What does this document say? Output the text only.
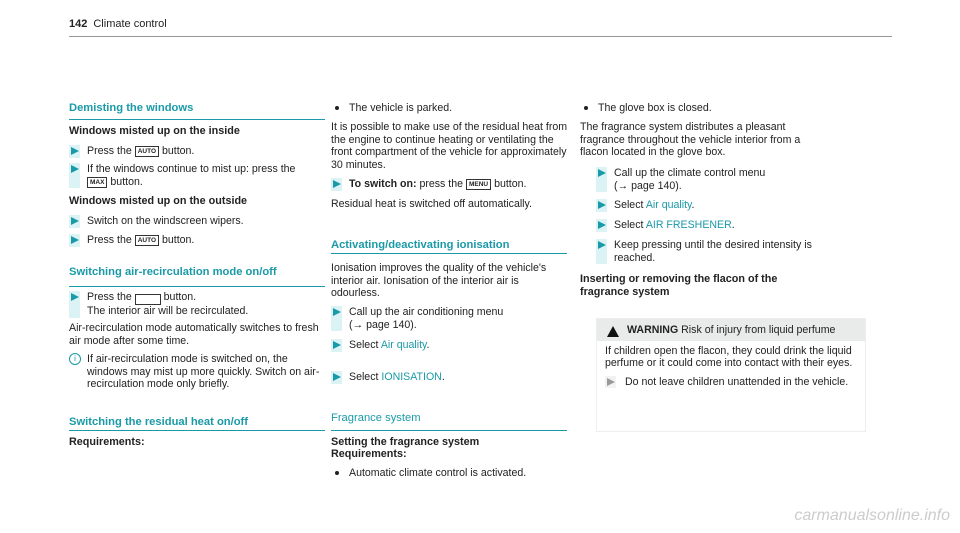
142 Climate control
Demisting the windows
Windows misted up on the inside
Press the AUTO button.
If the windows continue to mist up: press the
MAX button.
Windows misted up on the outside
Switch on the windscreen wipers.
Press the AUTO button.
Switching air-recirculation mode on/off
Press the	button.
The interior air will be recirculated.
Air-recirculation mode automatically switches to fresh air mode after some time.
i	If air-recirculation mode is switched on, the windows may mist up more quickly. Switch on air-recirculation mode only briefly.
Switching the residual heat on/off
Requirements:
The vehicle is parked.
It is possible to make use of the residual heat from the engine to continue heating or ventilating the front compartment of the vehicle for approximately 30 minutes.
To switch on: press the MENU button.
Residual heat is switched off automatically.
Activating/deactivating ionisation
Ionisation improves the quality of the vehicle's interior air. Ionisation of the interior air is odourless.
Call up the air conditioning menu
(→ page 140).
Select Air quality.
Select IONISATION.
Fragrance system
Setting the fragrance system
Requirements:
Automatic climate control is activated.
The glove box is closed.
The fragrance system distributes a pleasant fragrance throughout the vehicle interior from a flacon located in the glove box.
Call up the climate control menu
(→ page 140).
Select Air quality.
Select AIR FRESHENER.
Keep pressing until the desired intensity is reached.
Inserting or removing the flacon of the fragrance system
WARNING Risk of injury from liquid perfume
If children open the flacon, they could drink the liquid perfume or it could come into contact with their eyes.
Do not leave children unattended in the vehicle.
carmanualsonline.info
